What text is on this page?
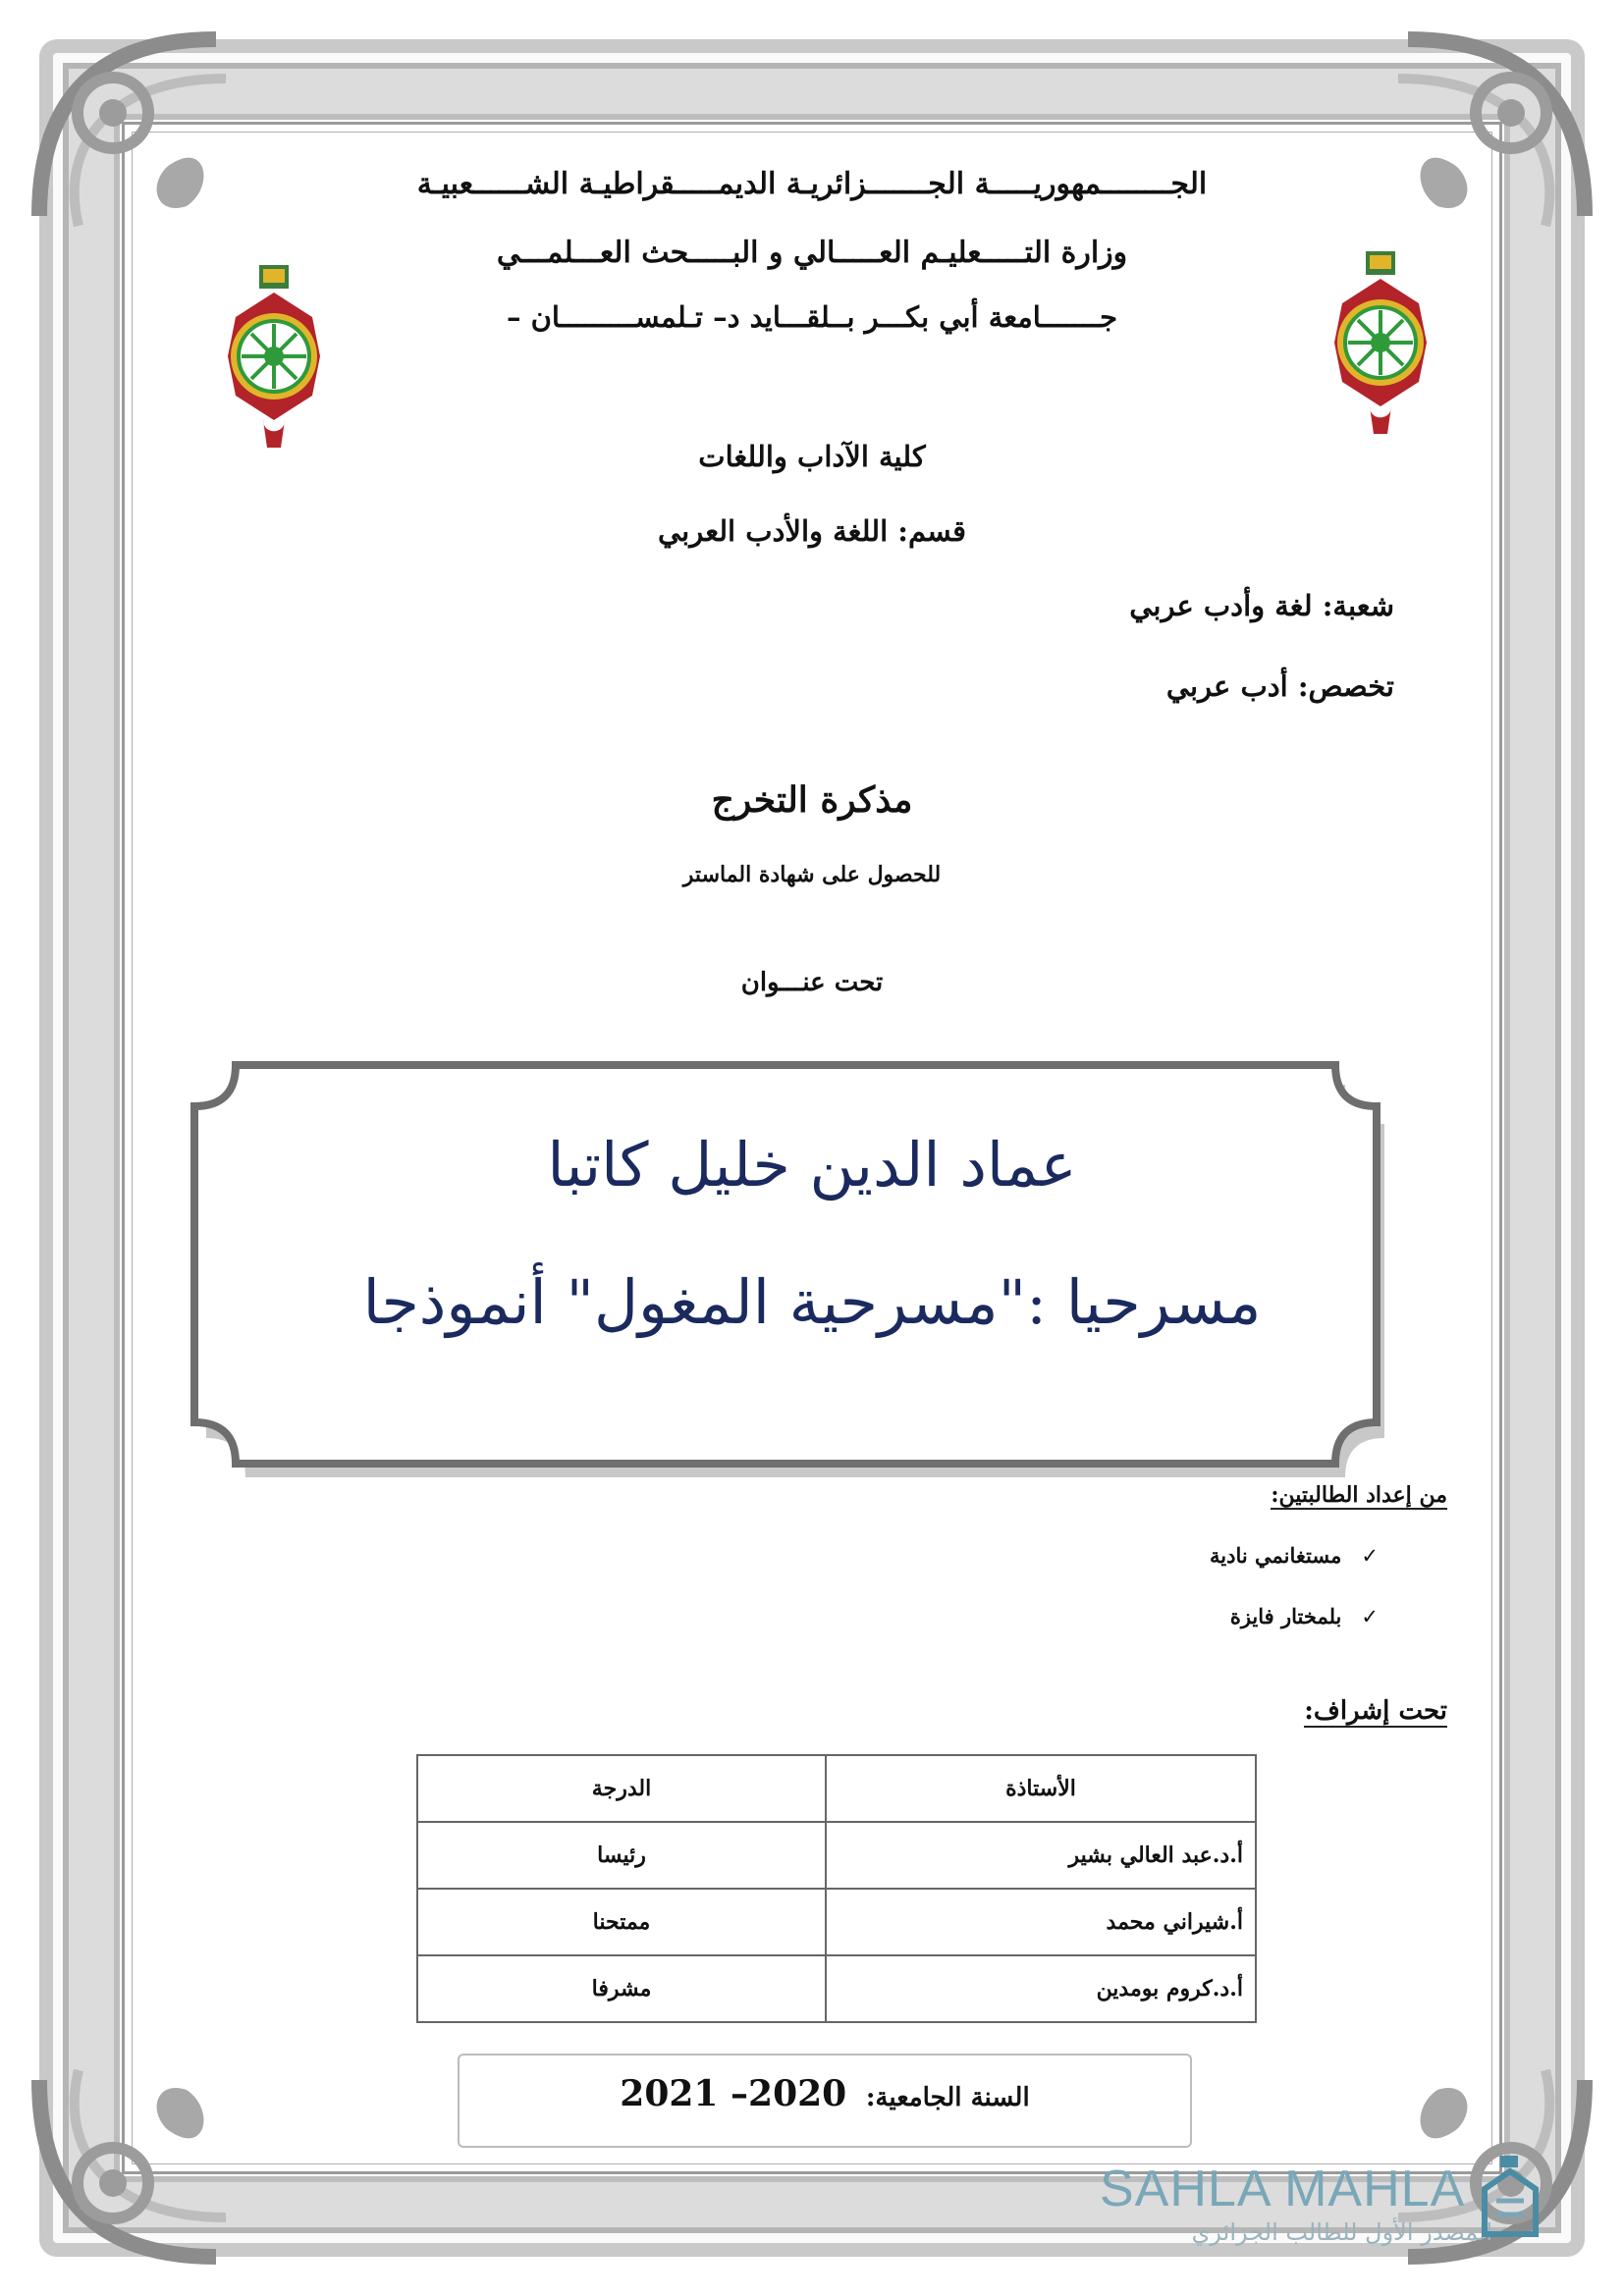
الجــــــــمهوريـــــة الجـــــــزائريـة الديمـــــقراطيـة الشــــــعبيـة
وزارة التـــــعليـم العـــــالي و البـــــحث العـــلمـــي
جـــــــامعة أبي بكـــر بــلقـــايد د– تـلمســـــــــان –
كلية الآداب واللغات
قسم: اللغة والأدب العربي
شعبة: لغة وأدب عربي
تخصص: أدب عربي
مذكرة التخرج
للحصول على شهادة الماستر
تحت عنـــوان
عماد الدين خليل كاتبا
مسرحيا :"مسرحية المغول" أنموذجا
من إعداد الطالبتين:
✓مستغانمي نادية
✓بلمختار فايزة
تحت إشراف:
الأستاذة	الدرجة
أ.د.عبد العالي بشير	رئيسا
أ.شيراني محمد	ممتحنا
أ.د.كروم بومدين	مشرفا
السنة الجامعية: 2020– 2021
SAHLA MAHLA
المصدر الأول للطالب الجزائري
